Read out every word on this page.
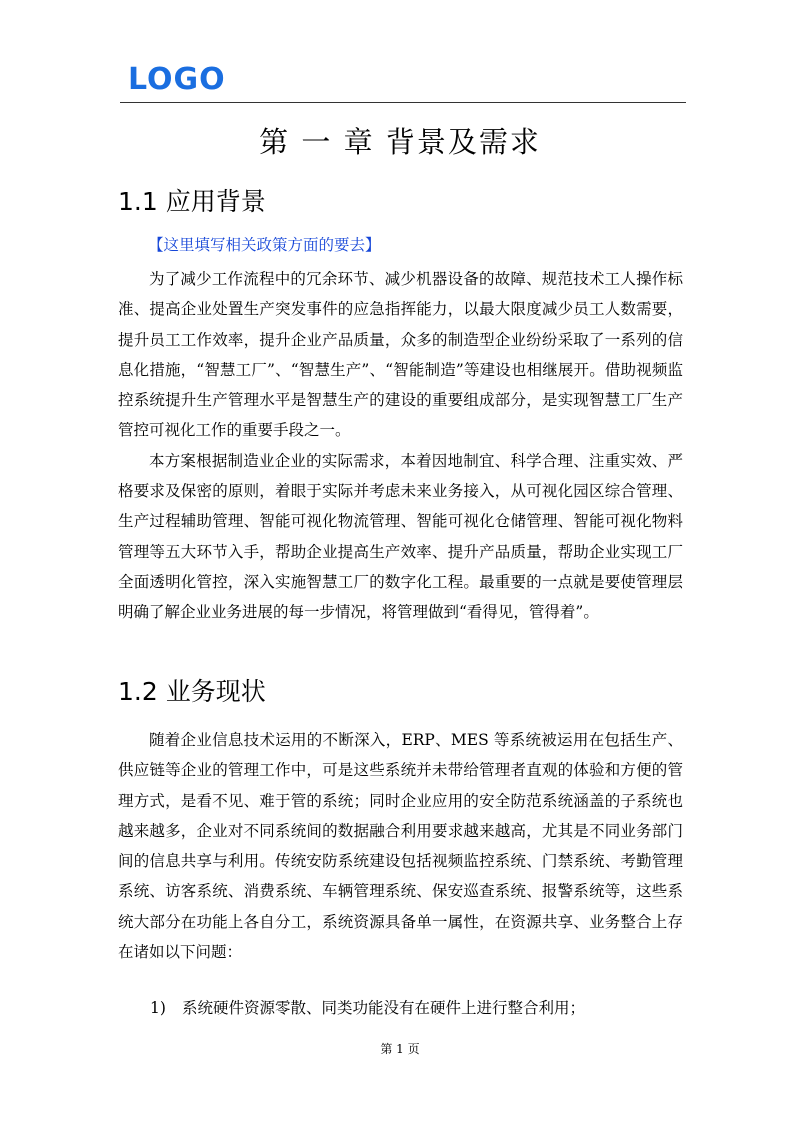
LOGO
第 一 章 背景及需求
1.1 应用背景
【这里填写相关政策方面的要去】

为了减少工作流程中的冗余环节、减少机器设备的故障、规范技术工人操作标准、提高企业处置生产突发事件的应急指挥能力，以最大限度减少员工人数需要，提升员工工作效率，提升企业产品质量，众多的制造型企业纷纷采取了一系列的信息化措施，“智慧工厂”、“智慧生产”、“智能制造”等建设也相继展开。借助视频监控系统提升生产管理水平是智慧生产的建设的重要组成部分，是实现智慧工厂生产管控可视化工作的重要手段之一。

本方案根据制造业企业的实际需求，本着因地制宜、科学合理、注重实效、严格要求及保密的原则，着眼于实际并考虑未来业务接入，从可视化园区综合管理、生产过程辅助管理、智能可视化物流管理、智能可视化仓储管理、智能可视化物料管理等五大环节入手，帮助企业提高生产效率、提升产品质量，帮助企业实现工厂全面透明化管控，深入实施智慧工厂的数字化工程。最重要的一点就是要使管理层明确了解企业业务进展的每一步情况，将管理做到“看得见，管得着”。

1.2 业务现状

随着企业信息技术运用的不断深入，ERP、MES 等系统被运用在包括生产、供应链等企业的管理工作中，可是这些系统并未带给管理者直观的体验和方便的管理方式，是看不见、难于管的系统；同时企业应用的安全防范系统涵盖的子系统也越来越多，企业对不同系统间的数据融合利用要求越来越高，尤其是不同业务部门间的信息共享与利用。传统安防系统建设包括视频监控系统、门禁系统、考勤管理系统、访客系统、消费系统、车辆管理系统、保安巡查系统、报警系统等，这些系统大部分在功能上各自分工，系统资源具备单一属性，在资源共享、业务整合上存在诸如以下问题：

1) 系统硬件资源零散、同类功能没有在硬件上进行整合利用；
第 1 页
